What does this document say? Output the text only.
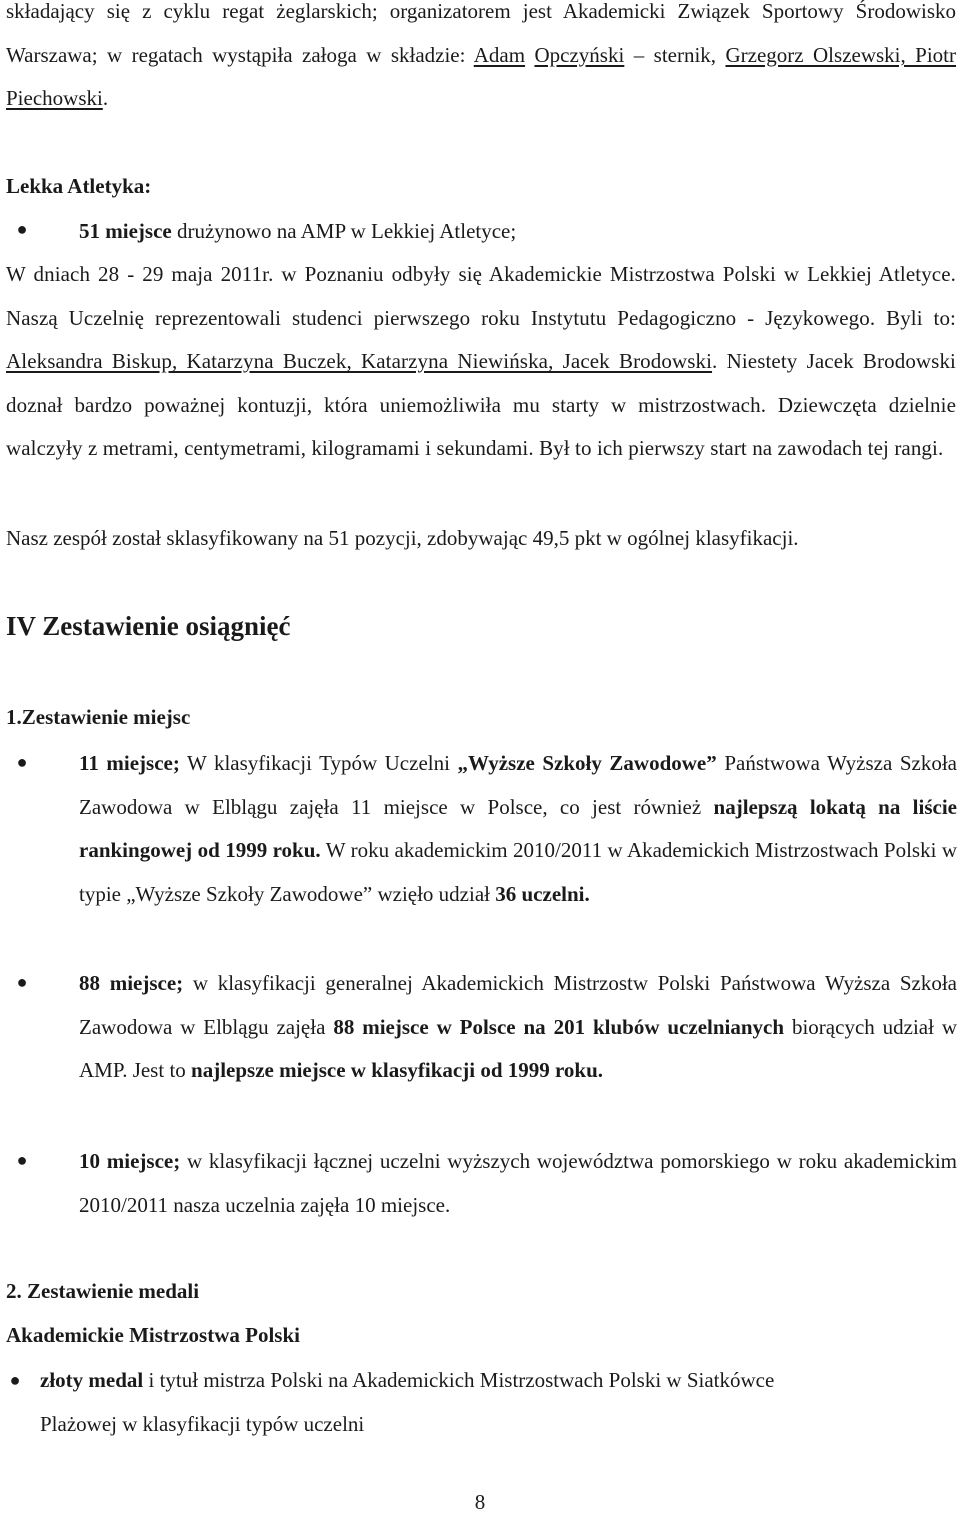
składający się z cyklu regat żeglarskich; organizatorem jest Akademicki Związek Sportowy Środowisko Warszawa; w regatach wystąpiła załoga w składzie: Adam Opczyński – sternik, Grzegorz Olszewski, Piotr Piechowski.
Lekka Atletyka:
● 51 miejsce drużynowo na AMP w Lekkiej Atletyce;
W dniach 28 - 29 maja 2011r. w Poznaniu odbyły się Akademickie Mistrzostwa Polski w Lekkiej Atletyce. Naszą Uczelnię reprezentowali studenci pierwszego roku Instytutu Pedagogiczno - Językowego. Byli to: Aleksandra Biskup, Katarzyna Buczek, Katarzyna Niewińska, Jacek Brodowski. Niestety Jacek Brodowski doznał bardzo poważnej kontuzji, która uniemożliwiła mu starty w mistrzostwach. Dziewczęta dzielnie walczyły z metrami, centymetrami, kilogramami i sekundami. Był to ich pierwszy start na zawodach tej rangi.
Nasz zespół został sklasyfikowany na 51 pozycji, zdobywając 49,5 pkt w ogólnej klasyfikacji.
IV Zestawienie osiągnięć
1.Zestawienie miejsc
● 11 miejsce; W klasyfikacji Typów Uczelni „Wyższe Szkoły Zawodowe” Państwowa Wyższa Szkoła Zawodowa w Elblągu zajęła 11 miejsce w Polsce, co jest również najlepszą lokatą na liście rankingowej od 1999 roku. W roku akademickim 2010/2011 w Akademickich Mistrzostwach Polski w typie „Wyższe Szkoły Zawodowe” wzięło udział 36 uczelni.
● 88 miejsce; w klasyfikacji generalnej Akademickich Mistrzostw Polski Państwowa Wyższa Szkoła Zawodowa w Elblągu zajęła 88 miejsce w Polsce na 201 klubów uczelnianych biorących udział w AMP. Jest to najlepsze miejsce w klasyfikacji od 1999 roku.
● 10 miejsce; w klasyfikacji łącznej uczelni wyższych województwa pomorskiego w roku akademickim 2010/2011 nasza uczelnia zajęła 10 miejsce.
2. Zestawienie medali
Akademickie Mistrzostwa Polski
● złoty medal i tytuł mistrza Polski na Akademickich Mistrzostwach Polski w Siatkówce
Plażowej w klasyfikacji typów uczelni
8
